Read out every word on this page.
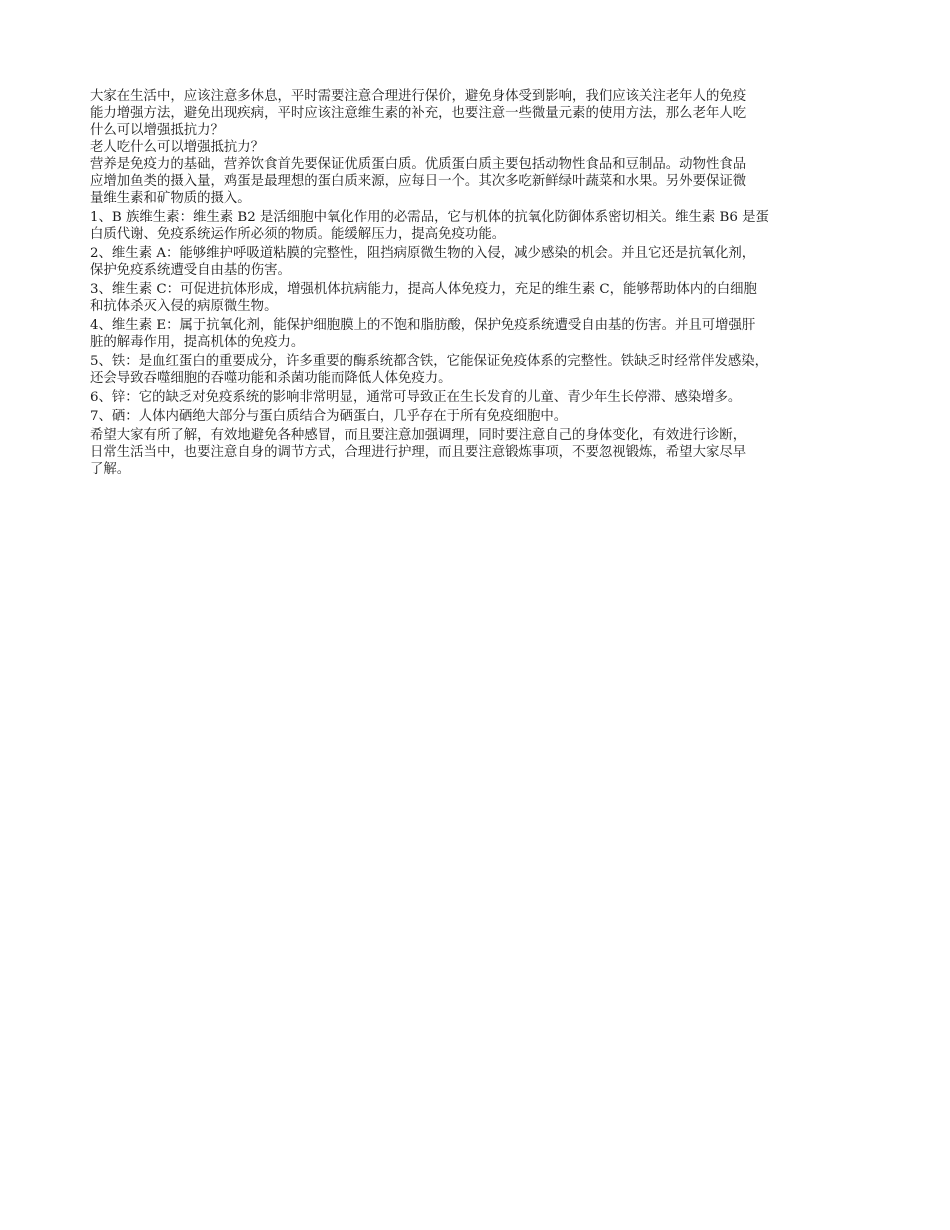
大家在生活中，应该注意多休息，平时需要注意合理进行保价，避免身体受到影响，我们应该关注老年人的免疫
能力增强方法，避免出现疾病，平时应该注意维生素的补充，也要注意一些微量元素的使用方法，那么老年人吃
什么可以增强抵抗力？

老人吃什么可以增强抵抗力？

营养是免疫力的基础，营养饮食首先要保证优质蛋白质。优质蛋白质主要包括动物性食品和豆制品。动物性食品
应增加鱼类的摄入量，鸡蛋是最理想的蛋白质来源，应每日一个。其次多吃新鲜绿叶蔬菜和水果。另外要保证微
量维生素和矿物质的摄入。

1、B 族维生素：维生素 B2 是活细胞中氧化作用的必需品，它与机体的抗氧化防御体系密切相关。维生素 B6 是蛋
白质代谢、免疫系统运作所必须的物质。能缓解压力，提高免疫功能。

2、维生素 A：能够维护呼吸道粘膜的完整性，阻挡病原微生物的入侵，减少感染的机会。并且它还是抗氧化剂，
保护免疫系统遭受自由基的伤害。

3、维生素 C：可促进抗体形成，增强机体抗病能力，提高人体免疫力，充足的维生素 C，能够帮助体内的白细胞
和抗体杀灭入侵的病原微生物。

4、维生素 E：属于抗氧化剂，能保护细胞膜上的不饱和脂肪酸，保护免疫系统遭受自由基的伤害。并且可增强肝
脏的解毒作用，提高机体的免疫力。

5、铁：是血红蛋白的重要成分，许多重要的酶系统都含铁，它能保证免疫体系的完整性。铁缺乏时经常伴发感染，
还会导致吞噬细胞的吞噬功能和杀菌功能而降低人体免疫力。

6、锌：它的缺乏对免疫系统的影响非常明显，通常可导致正在生长发育的儿童、青少年生长停滞、感染增多。

7、硒：人体内硒绝大部分与蛋白质结合为硒蛋白，几乎存在于所有免疫细胞中。

希望大家有所了解，有效地避免各种感冒，而且要注意加强调理，同时要注意自己的身体变化，有效进行诊断，
日常生活当中，也要注意自身的调节方式，合理进行护理，而且要注意锻炼事项，不要忽视锻炼，希望大家尽早
了解。
